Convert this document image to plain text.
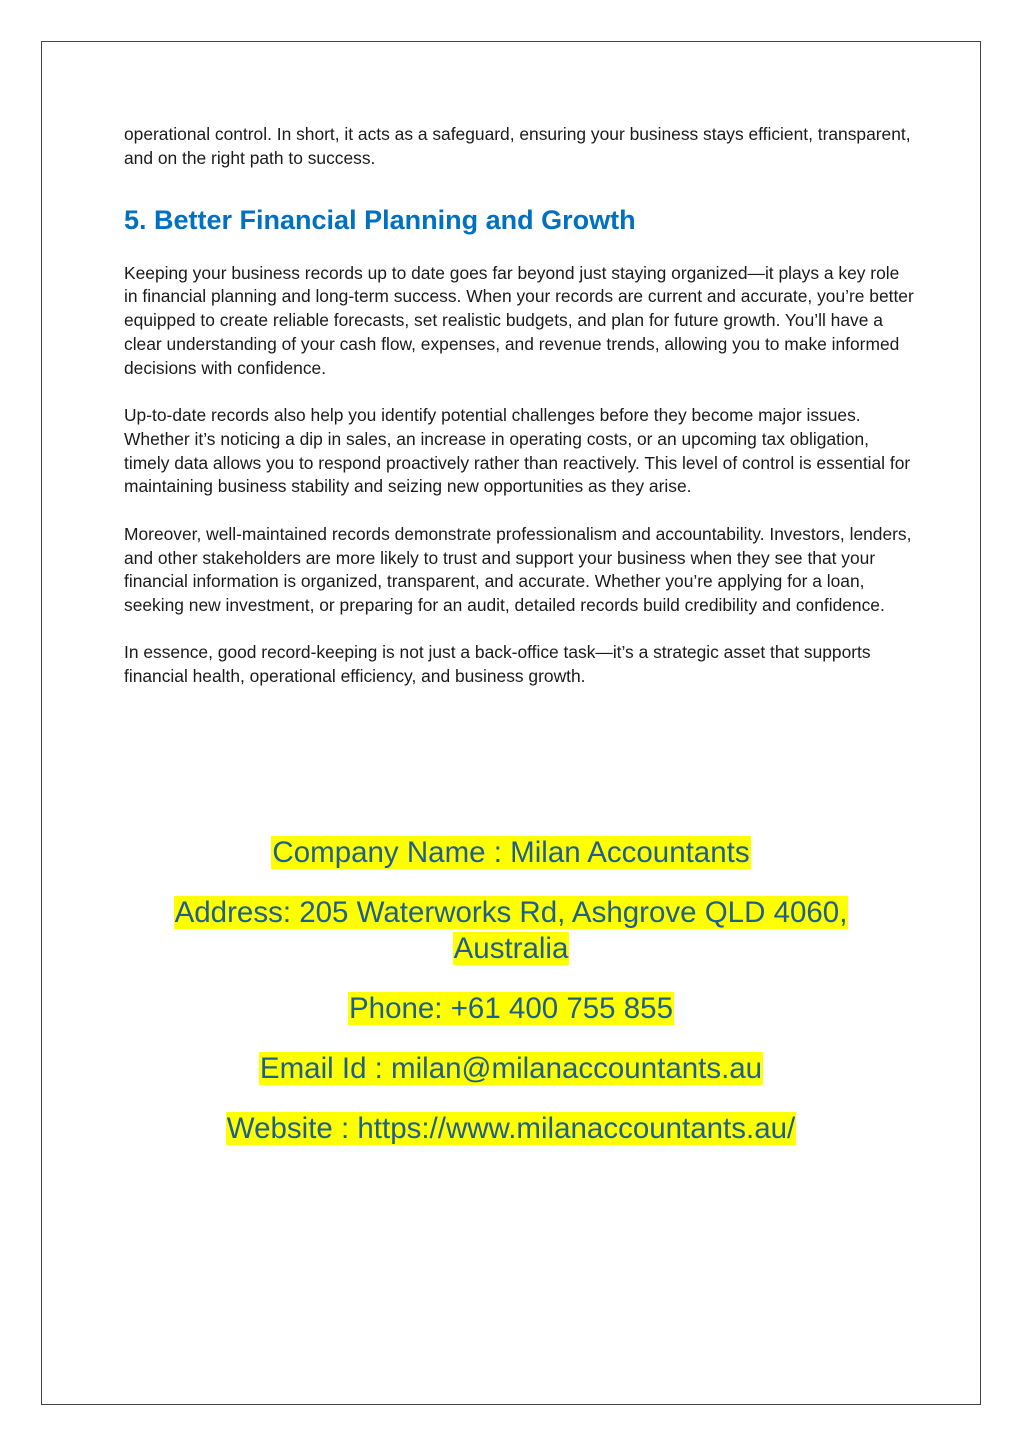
operational control. In short, it acts as a safeguard, ensuring your business stays efficient, transparent, and on the right path to success.

5. Better Financial Planning and Growth

Keeping your business records up to date goes far beyond just staying organized—it plays a key role in financial planning and long-term success. When your records are current and accurate, you’re better equipped to create reliable forecasts, set realistic budgets, and plan for future growth. You’ll have a clear understanding of your cash flow, expenses, and revenue trends, allowing you to make informed decisions with confidence.

Up-to-date records also help you identify potential challenges before they become major issues. Whether it’s noticing a dip in sales, an increase in operating costs, or an upcoming tax obligation, timely data allows you to respond proactively rather than reactively. This level of control is essential for maintaining business stability and seizing new opportunities as they arise.

Moreover, well-maintained records demonstrate professionalism and accountability. Investors, lenders, and other stakeholders are more likely to trust and support your business when they see that your financial information is organized, transparent, and accurate. Whether you’re applying for a loan, seeking new investment, or preparing for an audit, detailed records build credibility and confidence.

In essence, good record-keeping is not just a back-office task—it’s a strategic asset that supports financial health, operational efficiency, and business growth.

Company Name : Milan Accountants

Address: 205 Waterworks Rd, Ashgrove QLD 4060,
Australia

Phone: +61 400 755 855

Email Id : milan@milanaccountants.au

Website : https://www.milanaccountants.au/
